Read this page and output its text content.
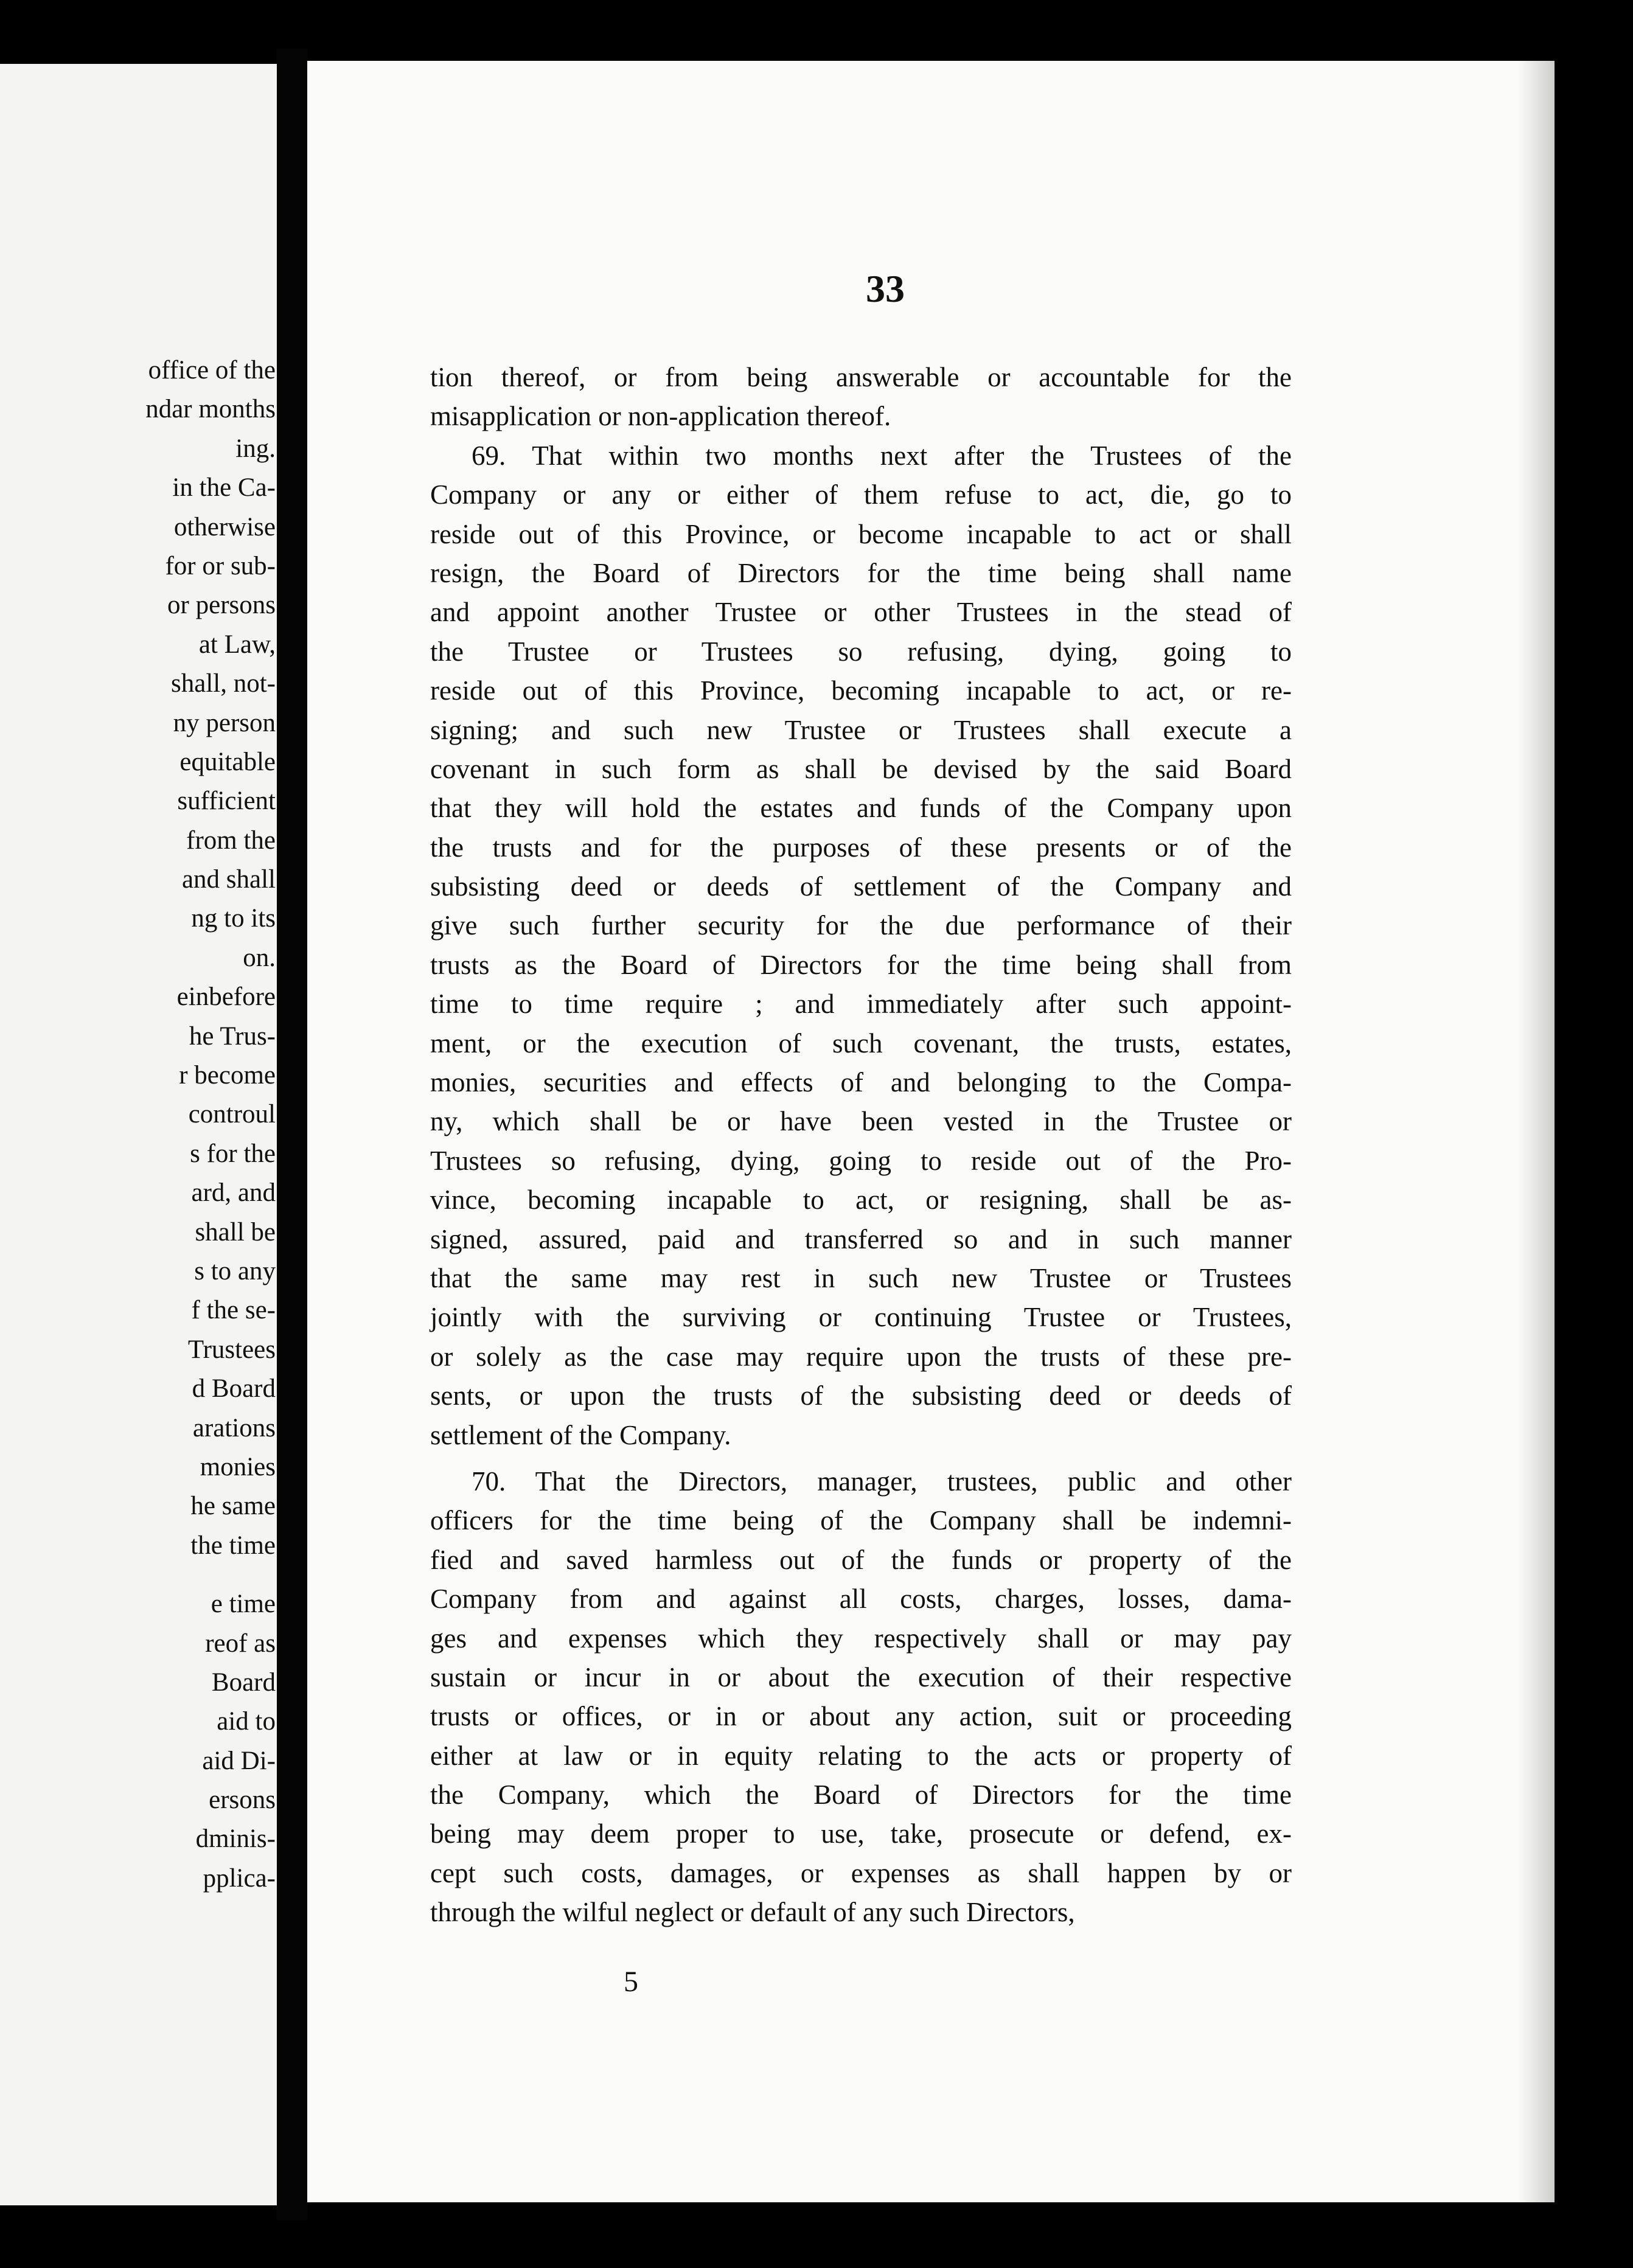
office of the
ndar months
ing.
in the Ca-
otherwise
for or sub-
or persons
at Law,
shall, not-
ny person
equitable
sufficient
from the
and shall
ng to its
on.
einbefore
he Trus-
r become
controul
s for the
ard, and
shall be
s to any
f the se-
Trustees
d Board
arations
monies
he same
the time
e time
reof as
Board
aid to
aid Di-
ersons
dminis-
pplica-
33
tion thereof, or from being answerable or accountable for the
misapplication or non-application thereof.
69. That within two months next after the Trustees of the
Company or any or either of them refuse to act, die, go to
reside out of this Province, or become incapable to act or shall
resign, the Board of Directors for the time being shall name
and appoint another Trustee or other Trustees in the stead of
the Trustee or Trustees so refusing, dying, going to
reside out of this Province, becoming incapable to act, or re-
signing; and such new Trustee or Trustees shall execute a
covenant in such form as shall be devised by the said Board
that they will hold the estates and funds of the Company upon
the trusts and for the purposes of these presents or of the
subsisting deed or deeds of settlement of the Company and
give such further security for the due performance of their
trusts as the Board of Directors for the time being shall from
time to time require ; and immediately after such appoint-
ment, or the execution of such covenant, the trusts, estates,
monies, securities and effects of and belonging to the Compa-
ny, which shall be or have been vested in the Trustee or
Trustees so refusing, dying, going to reside out of the Pro-
vince, becoming incapable to act, or resigning, shall be as-
signed, assured, paid and transferred so and in such manner
that the same may rest in such new Trustee or Trustees
jointly with the surviving or continuing Trustee or Trustees,
or solely as the case may require upon the trusts of these pre-
sents, or upon the trusts of the subsisting deed or deeds of
settlement of the Company.
70. That the Directors, manager, trustees, public and other
officers for the time being of the Company shall be indemni-
fied and saved harmless out of the funds or property of the
Company from and against all costs, charges, losses, dama-
ges and expenses which they respectively shall or may pay
sustain or incur in or about the execution of their respective
trusts or offices, or in or about any action, suit or proceeding
either at law or in equity relating to the acts or property of
the Company, which the Board of Directors for the time
being may deem proper to use, take, prosecute or defend, ex-
cept such costs, damages, or expenses as shall happen by or
through the wilful neglect or default of any such Directors,
5
